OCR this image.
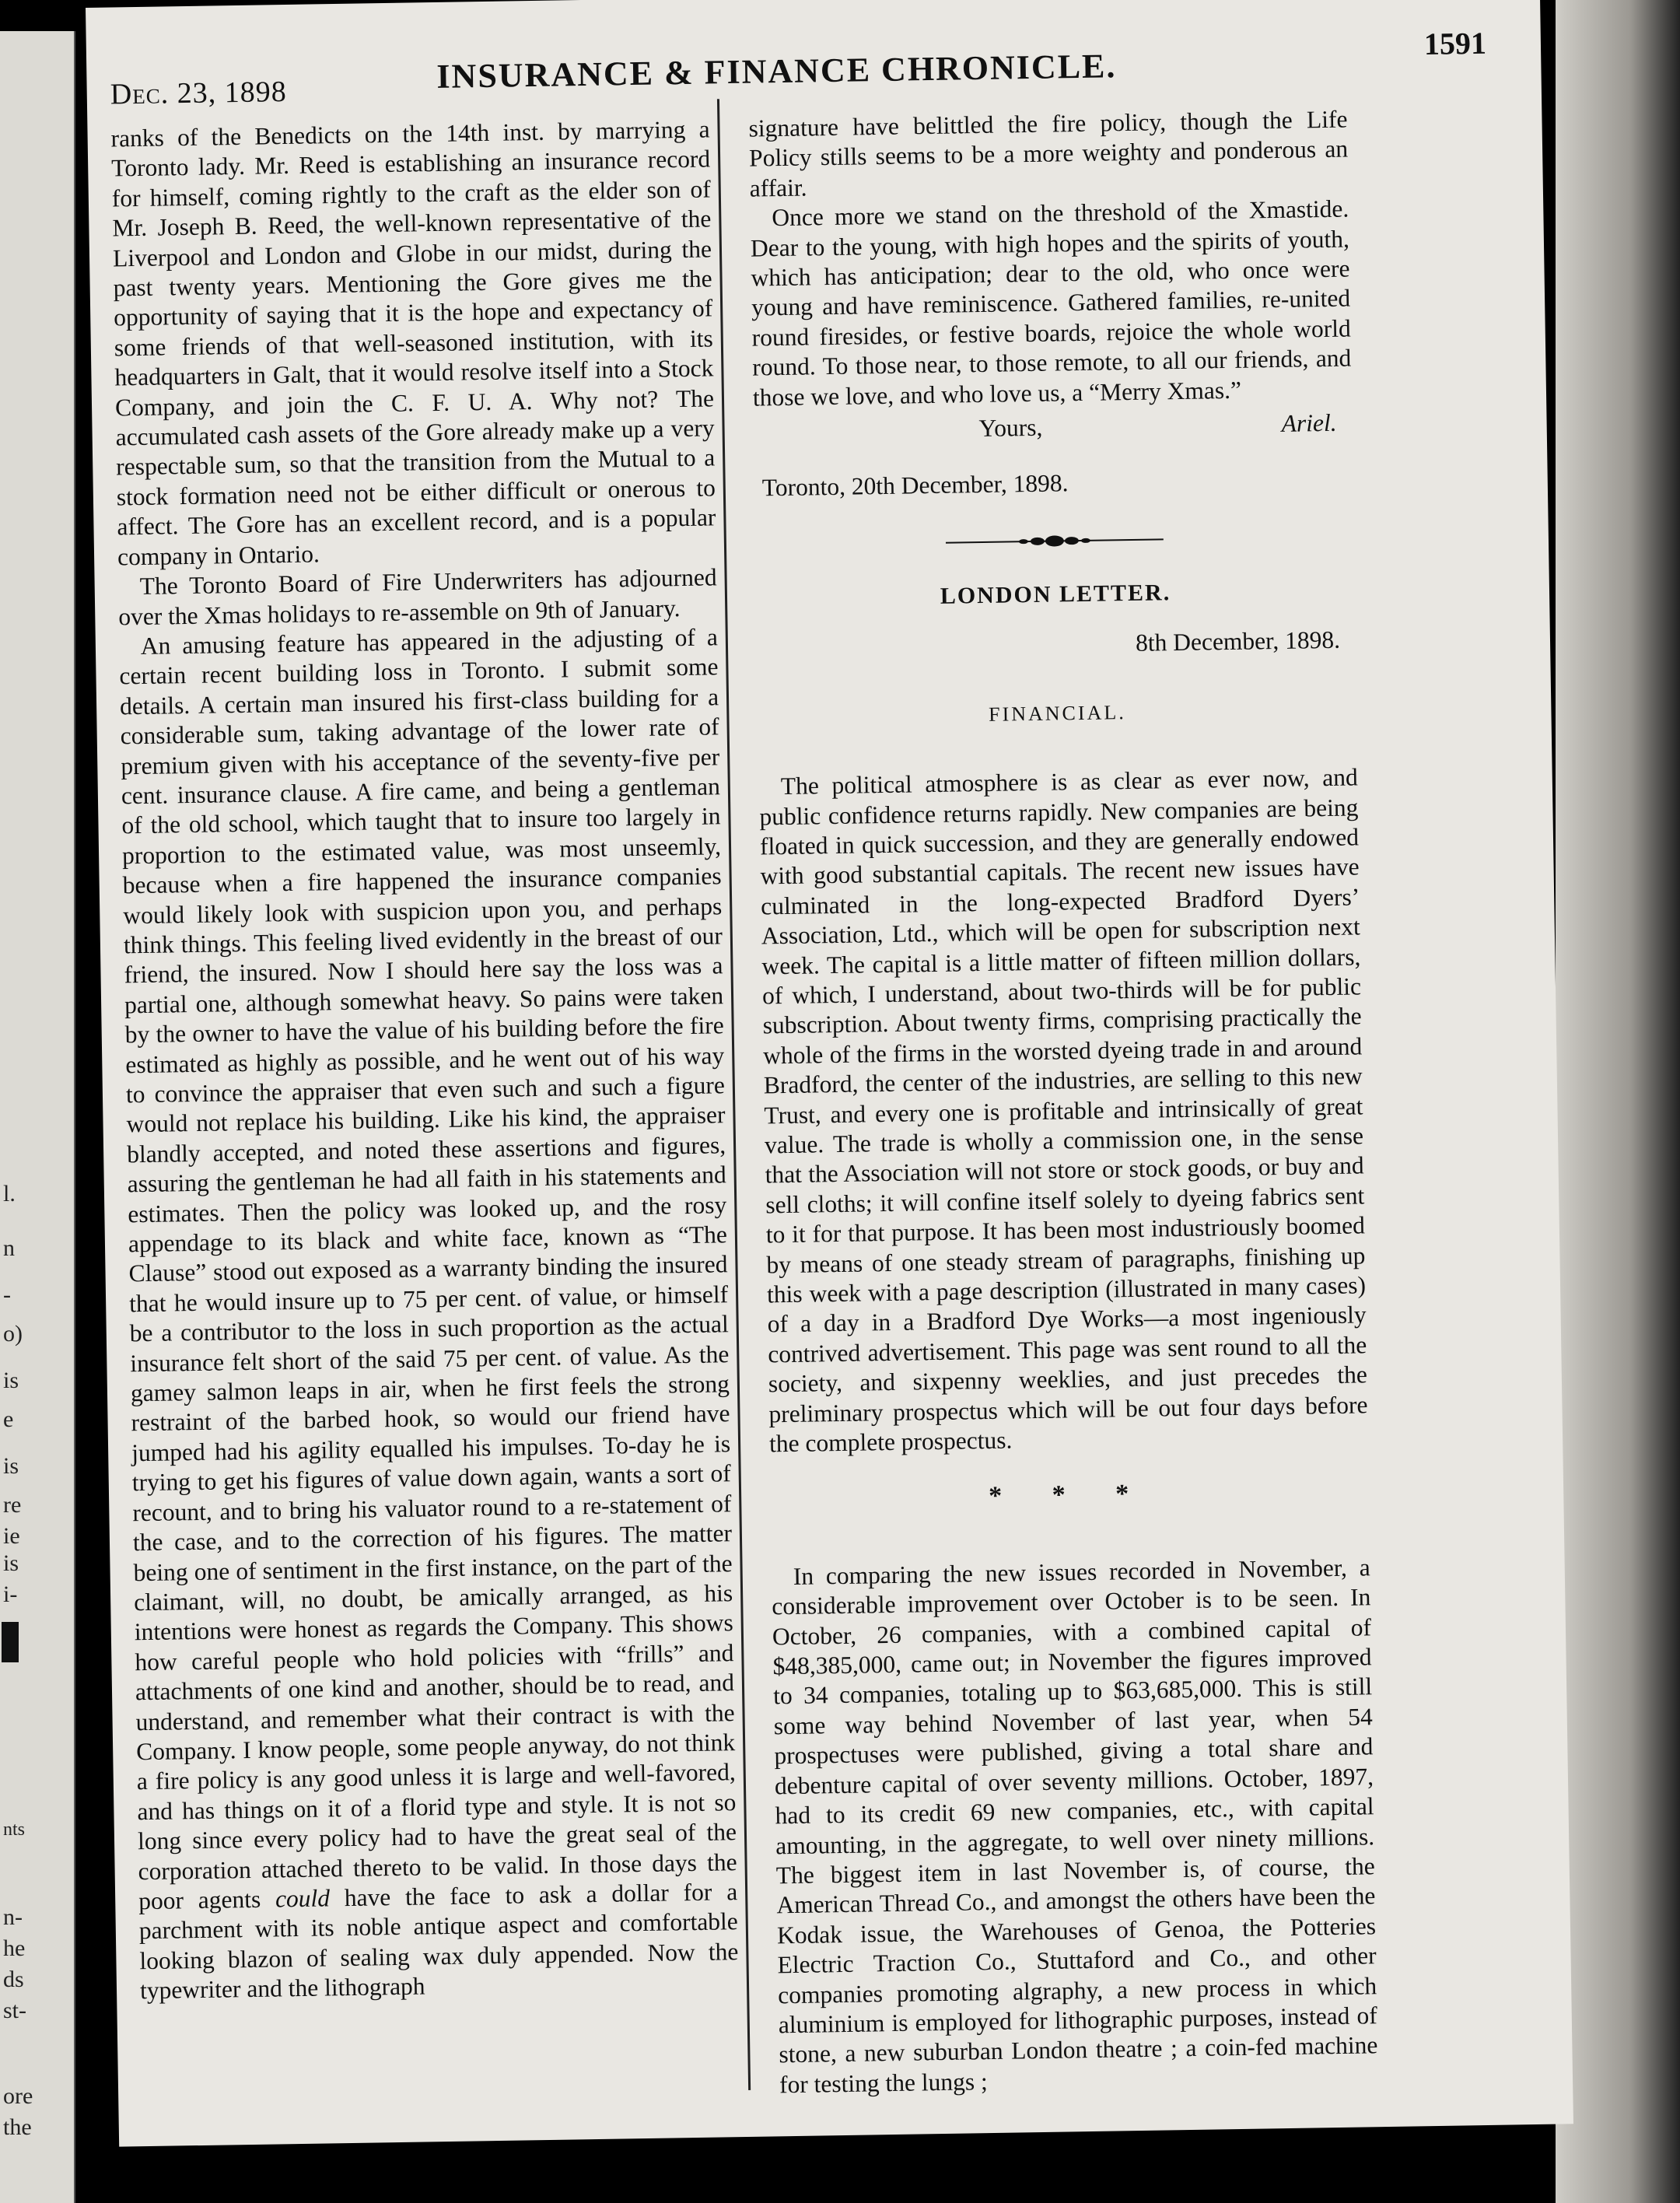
l.
n
-
o)
is
e
is
re
ie
is
i-
nts
n-
he
ds
st-
ore
the
Dec. 23, 1898	INSURANCE & FINANCE CHRONICLE.
1591

ranks of the Benedicts on the 14th inst. by marrying a Toronto lady. Mr. Reed is establishing an insurance record for himself, coming rightly to the craft as the elder son of Mr. Joseph B. Reed, the well-known representative of the Liverpool and London and Globe in our midst, during the past twenty years. Mentioning the Gore gives me the opportunity of saying that it is the hope and expectancy of some friends of that well-seasoned institution, with its headquarters in Galt, that it would resolve itself into a Stock Company, and join the C. F. U. A. Why not? The accumulated cash assets of the Gore already make up a very respectable sum, so that the transition from the Mutual to a stock formation need not be either difficult or onerous to affect. The Gore has an excellent record, and is a popular company in Ontario.

The Toronto Board of Fire Underwriters has adjourned over the Xmas holidays to re-assemble on 9th of January.

An amusing feature has appeared in the adjusting of a certain recent building loss in Toronto. I submit some details. A certain man insured his first-class building for a considerable sum, taking advantage of the lower rate of premium given with his acceptance of the seventy-five per cent. insurance clause. A fire came, and being a gentleman of the old school, which taught that to insure too largely in proportion to the estimated value, was most unseemly, because when a fire happened the insurance companies would likely look with suspicion upon you, and perhaps think things. This feeling lived evidently in the breast of our friend, the insured. Now I should here say the loss was a partial one, although somewhat heavy. So pains were taken by the owner to have the value of his building before the fire estimated as highly as possible, and he went out of his way to convince the appraiser that even such and such a figure would not replace his building. Like his kind, the appraiser blandly accepted, and noted these assertions and figures, assuring the gentleman he had all faith in his statements and estimates. Then the policy was looked up, and the rosy appendage to its black and white face, known as “The Clause” stood out exposed as a warranty binding the insured that he would insure up to 75 per cent. of value, or himself be a contributor to the loss in such proportion as the actual insurance felt short of the said 75 per cent. of value. As the gamey salmon leaps in air, when he first feels the strong restraint of the barbed hook, so would our friend have jumped had his agility equalled his impulses. To-day he is trying to get his figures of value down again, wants a sort of recount, and to bring his valuator round to a re-statement of the case, and to the correction of his figures. The matter being one of sentiment in the first instance, on the part of the claimant, will, no doubt, be amically arranged, as his intentions were honest as regards the Company. This shows how careful people who hold policies with “frills” and attachments of one kind and another, should be to read, and understand, and remember what their contract is with the Company. I know people, some people anyway, do not think a fire policy is any good unless it is large and well-favored, and has things on it of a florid type and style. It is not so long since every policy had to have the great seal of the corporation attached thereto to be valid. In those days the poor agents could have the face to ask a dollar for a parchment with its noble antique aspect and comfortable looking blazon of sealing wax duly appended. Now the typewriter and the lithograph

signature have belittled the fire policy, though the Life Policy stills seems to be a more weighty and ponderous an affair.

Once more we stand on the threshold of the Xmastide. Dear to the young, with high hopes and the spirits of youth, which has anticipation; dear to the old, who once were young and have reminiscence. Gathered families, re-united round firesides, or festive boards, rejoice the whole world round. To those near, to those remote, to all our friends, and those we love, and who love us, a “Merry Xmas.”

Yours,	Ariel.
Toronto, 20th December, 1898.
LONDON LETTER.
8th December, 1898.
FINANCIAL.

The political atmosphere is as clear as ever now, and public confidence returns rapidly. New companies are being floated in quick succession, and they are generally endowed with good substantial capitals. The recent new issues have culminated in the long-expected Bradford Dyers’ Association, Ltd., which will be open for subscription next week. The capital is a little matter of fifteen million dollars, of which, I understand, about two-thirds will be for public subscription. About twenty firms, comprising practically the whole of the firms in the worsted dyeing trade in and around Bradford, the center of the industries, are selling to this new Trust, and every one is profitable and intrinsically of great value. The trade is wholly a commission one, in the sense that the Association will not store or stock goods, or buy and sell cloths; it will confine itself solely to dyeing fabrics sent to it for that purpose. It has been most industriously boomed by means of one steady stream of paragraphs, finishing up this week with a page description (illustrated in many cases) of a day in a Bradford Dye Works—a most ingeniously contrived advertisement. This page was sent round to all the society, and sixpenny weeklies, and just precedes the preliminary prospectus which will be out four days before the complete prospectus.

* * *

In comparing the new issues recorded in November, a considerable improvement over October is to be seen. In October, 26 companies, with a combined capital of $48,385,000, came out; in November the figures improved to 34 companies, totaling up to $63,685,000. This is still some way behind November of last year, when 54 prospectuses were published, giving a total share and debenture capital of over seventy millions. October, 1897, had to its credit 69 new companies, etc., with capital amounting, in the aggregate, to well over ninety millions. The biggest item in last November is, of course, the American Thread Co., and amongst the others have been the Kodak issue, the Warehouses of Genoa, the Potteries Electric Traction Co., Stuttaford and Co., and other companies promoting algraphy, a new process in which aluminium is employed for lithographic purposes, instead of stone, a new suburban London theatre ; a coin-fed machine for testing the lungs ;
